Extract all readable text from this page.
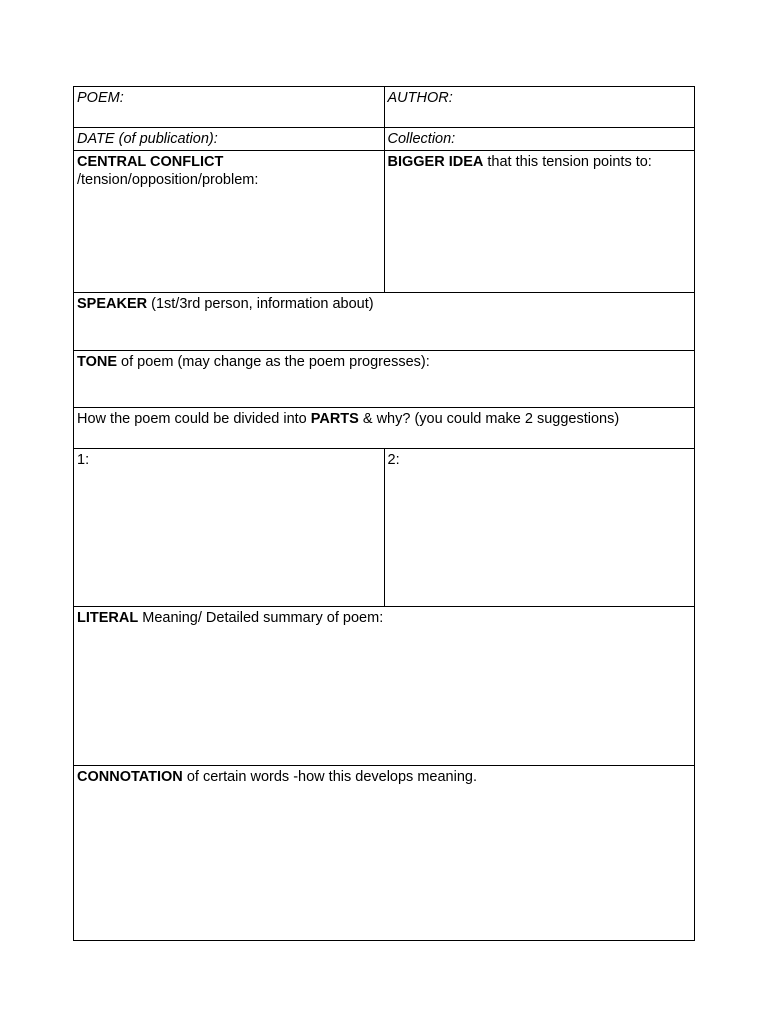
POEM:	AUTHOR:
DATE (of publication):	Collection:
CENTRAL CONFLICT
/tension/opposition/problem:	BIGGER IDEA that this tension points to:
SPEAKER (1st/3rd person, information about)	
TONE of poem (may change as the poem progresses):	
How the poem could be divided into PARTS & why? (you could make 2 suggestions)	
1:	2:
LITERAL Meaning/ Detailed summary of poem:	
CONNOTATION of certain words -how this develops meaning.	
